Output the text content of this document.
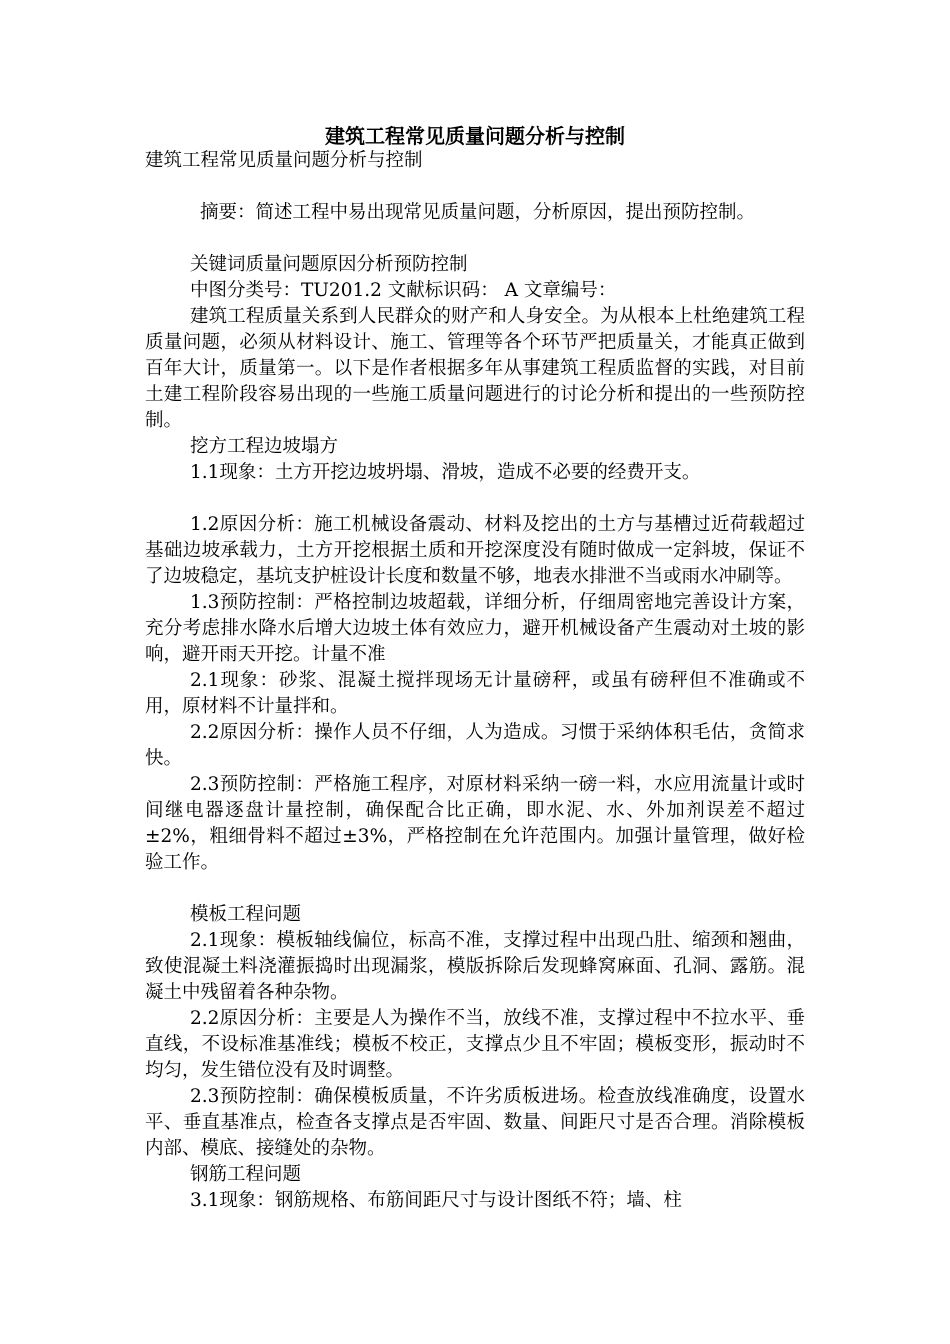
建筑工程常见质量问题分析与控制

建筑工程常见质量问题分析与控制

摘要：简述工程中易出现常见质量问题，分析原因，提出预防控制。

关键词质量问题原因分析预防控制

中图分类号：TU201.2 文献标识码： A 文章编号：

建筑工程质量关系到人民群众的财产和人身安全。为从根本上杜绝建筑工程质量问题，必须从材料设计、施工、管理等各个环节严把质量关，才能真正做到百年大计，质量第一。以下是作者根据多年从事建筑工程质监督的实践，对目前土建工程阶段容易出现的一些施工质量问题进行的讨论分析和提出的一些预防控制。

挖方工程边坡塌方

1.1现象：土方开挖边坡坍塌、滑坡，造成不必要的经费开支。

1.2原因分析：施工机械设备震动、材料及挖出的土方与基槽过近荷载超过基础边坡承载力，土方开挖根据土质和开挖深度没有随时做成一定斜坡，保证不了边坡稳定，基坑支护桩设计长度和数量不够，地表水排泄不当或雨水冲刷等。

1.3预防控制：严格控制边坡超载，详细分析，仔细周密地完善设计方案，充分考虑排水降水后增大边坡土体有效应力，避开机械设备产生震动对土坡的影响，避开雨天开挖。计量不准

2.1现象：砂浆、混凝土搅拌现场无计量磅秤，或虽有磅秤但不准确或不用，原材料不计量拌和。

2.2原因分析：操作人员不仔细，人为造成。习惯于采纳体积毛估，贪简求快。

2.3预防控制：严格施工程序，对原材料采纳一磅一料，水应用流量计或时间继电器逐盘计量控制，确保配合比正确，即水泥、水、外加剂误差不超过±2%，粗细骨料不超过±3%，严格控制在允许范围内。加强计量管理，做好检验工作。

模板工程问题

2.1现象：模板轴线偏位，标高不准，支撑过程中出现凸肚、缩颈和翘曲，致使混凝土料浇灌振捣时出现漏浆，模版拆除后发现蜂窝麻面、孔洞、露筋。混凝土中残留着各种杂物。

2.2原因分析：主要是人为操作不当，放线不准，支撑过程中不拉水平、垂直线，不设标准基准线；模板不校正，支撑点少且不牢固；模板变形，振动时不均匀，发生错位没有及时调整。

2.3预防控制：确保模板质量，不许劣质板进场。检查放线准确度，设置水平、垂直基准点，检查各支撑点是否牢固、数量、间距尺寸是否合理。消除模板内部、模底、接缝处的杂物。

钢筋工程问题

3.1现象：钢筋规格、布筋间距尺寸与设计图纸不符；墙、柱
